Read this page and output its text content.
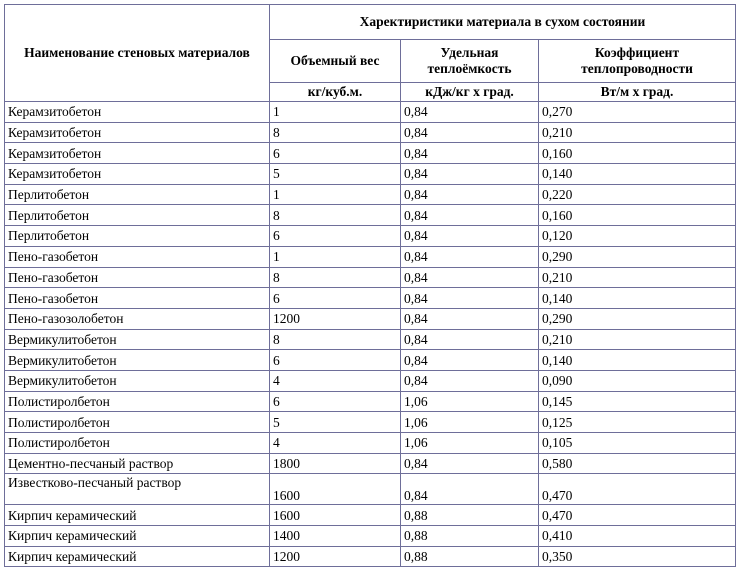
Наименование стеновых материалов	Харектиристики материала в сухом состоянии		
	Объемный вес	Удельная теплоёмкость	Коэффициент теплопроводности
	кг/куб.м.	кДж/кг х град.	Вт/м х град.
Керамзитобетон	1	0,84	0,270
Керамзитобетон	8	0,84	0,210
Керамзитобетон	6	0,84	0,160
Керамзитобетон	5	0,84	0,140
Перлитобетон	1	0,84	0,220
Перлитобетон	8	0,84	0,160
Перлитобетон	6	0,84	0,120
Пено-газобетон	1	0,84	0,290
Пено-газобетон	8	0,84	0,210
Пено-газобетон	6	0,84	0,140
Пено-газозолобетон	1200	0,84	0,290
Вермикулитобетон	8	0,84	0,210
Вермикулитобетон	6	0,84	0,140
Вермикулитобетон	4	0,84	0,090
Полистиролбетон	6	1,06	0,145
Полистиролбетон	5	1,06	0,125
Полистиролбетон	4	1,06	0,105
Цементно-песчаный раствор	1800	0,84	0,580
Известково-песчаный раствор	1600	0,84	0,470
Кирпич керамический	1600	0,88	0,470
Кирпич керамический	1400	0,88	0,410
Кирпич керамический	1200	0,88	0,350
